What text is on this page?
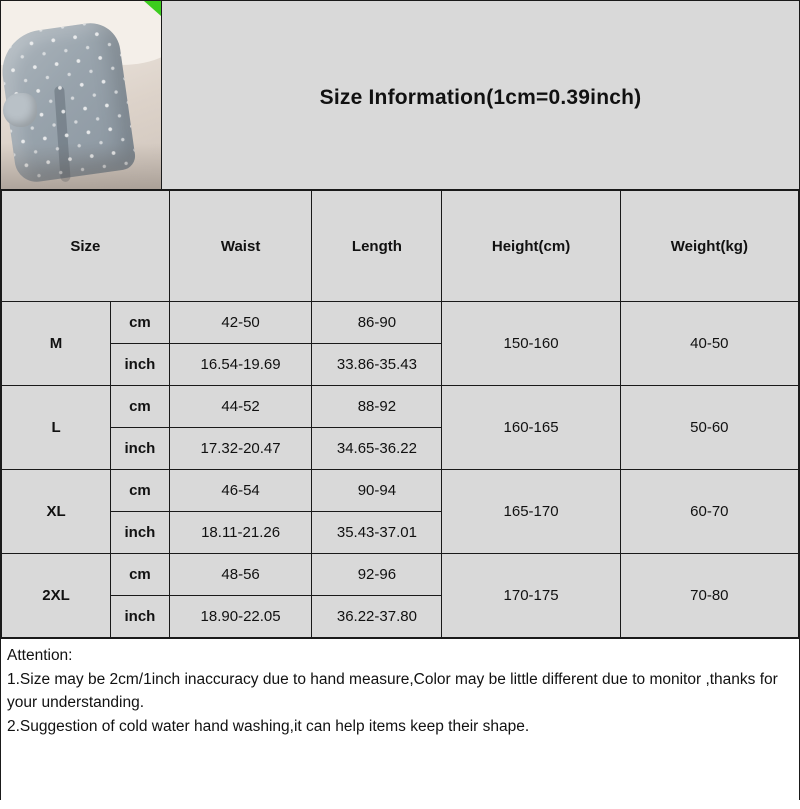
Size Information(1cm=0.39inch)
Size		Waist	Length	Height(cm)	Weight(kg)
M	cm	42-50	86-90	150-160	40-50
	inch	16.54-19.69	33.86-35.43		
L	cm	44-52	88-92	160-165	50-60
	inch	17.32-20.47	34.65-36.22		
XL	cm	46-54	90-94	165-170	60-70
	inch	18.11-21.26	35.43-37.01		
2XL	cm	48-56	92-96	170-175	70-80
	inch	18.90-22.05	36.22-37.80		
Attention:
1.Size may be 2cm/1inch inaccuracy due to hand measure,Color may be little different due to monitor ,thanks for your understanding.
2.Suggestion of cold water hand washing,it can help items keep their shape.
